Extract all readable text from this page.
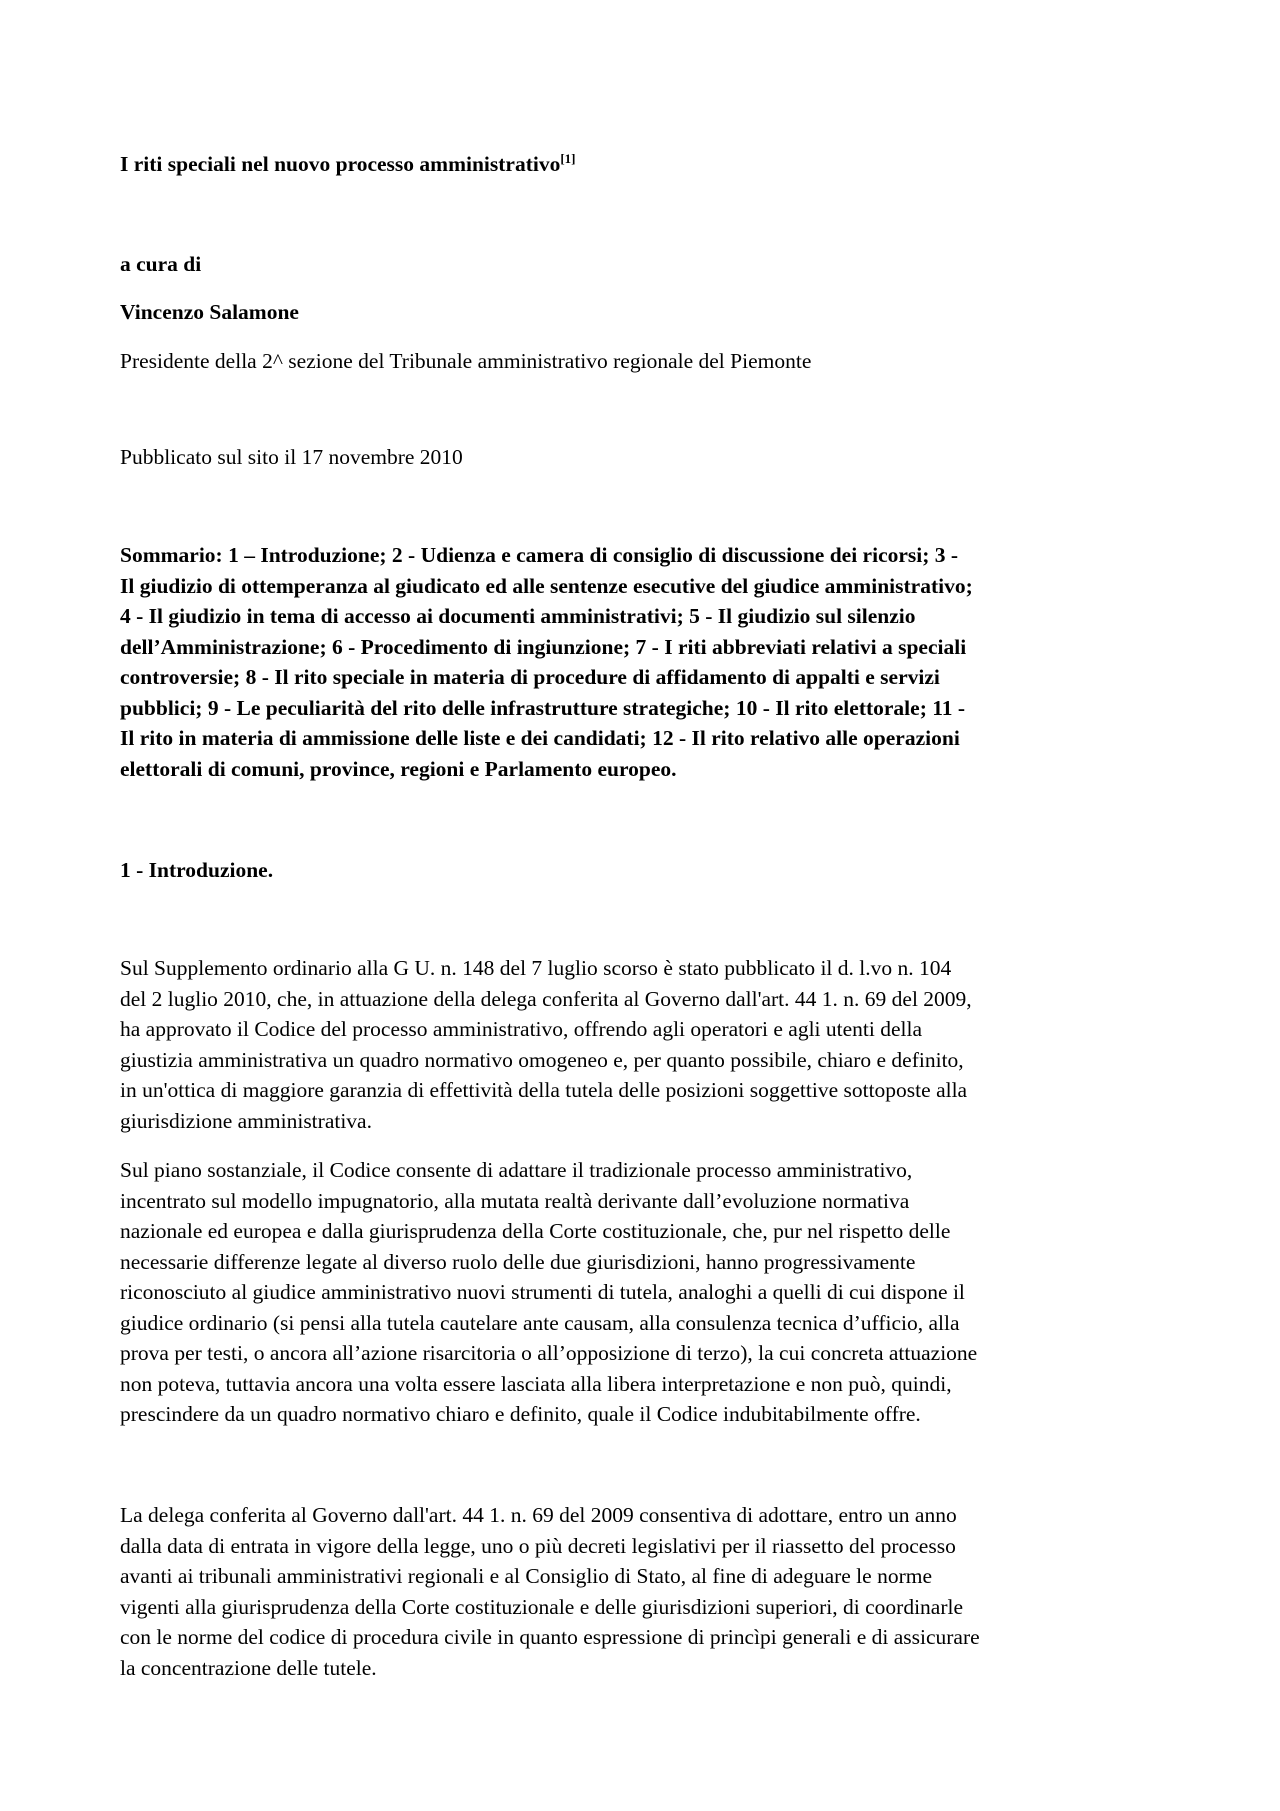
I riti speciali nel nuovo processo amministrativo[1]
a cura di
Vincenzo Salamone
Presidente della 2^ sezione del Tribunale amministrativo regionale del Piemonte
Pubblicato sul sito il 17 novembre 2010
Sommario: 1 – Introduzione; 2 - Udienza e camera di consiglio di discussione dei ricorsi; 3 -
Il giudizio di ottemperanza al giudicato ed alle sentenze esecutive del giudice amministrativo;
4 - Il giudizio in tema di accesso ai documenti amministrativi; 5 - Il giudizio sul silenzio
dell’Amministrazione; 6 - Procedimento di ingiunzione; 7 - I riti abbreviati relativi a speciali
controversie; 8 - Il rito speciale in materia di procedure di affidamento di appalti e servizi
pubblici; 9 - Le peculiarità del rito delle infrastrutture strategiche; 10 - Il rito elettorale; 11 -
Il rito in materia di ammissione delle liste e dei candidati; 12 - Il rito relativo alle operazioni
elettorali di comuni, province, regioni e Parlamento europeo.
1 - Introduzione.
Sul Supplemento ordinario alla G U. n. 148 del 7 luglio scorso è stato pubblicato il d. l.vo n. 104
del 2 luglio 2010, che, in attuazione della delega conferita al Governo dall'art. 44 1. n. 69 del 2009,
ha approvato il Codice del processo amministrativo, offrendo agli operatori e agli utenti della
giustizia amministrativa un quadro normativo omogeneo e, per quanto possibile, chiaro e definito,
in un'ottica di maggiore garanzia di effettività della tutela delle posizioni soggettive sottoposte alla
giurisdizione amministrativa.
Sul piano sostanziale, il Codice consente di adattare il tradizionale processo amministrativo,
incentrato sul modello impugnatorio, alla mutata realtà derivante dall’evoluzione normativa
nazionale ed europea e dalla giurisprudenza della Corte costituzionale, che, pur nel rispetto delle
necessarie differenze legate al diverso ruolo delle due giurisdizioni, hanno progressivamente
riconosciuto al giudice amministrativo nuovi strumenti di tutela, analoghi a quelli di cui dispone il
giudice ordinario (si pensi alla tutela cautelare ante causam, alla consulenza tecnica d’ufficio, alla
prova per testi, o ancora all’azione risarcitoria o all’opposizione di terzo), la cui concreta attuazione
non poteva, tuttavia ancora una volta essere lasciata alla libera interpretazione e non può, quindi,
prescindere da un quadro normativo chiaro e definito, quale il Codice indubitabilmente offre.
La delega conferita al Governo dall'art. 44 1. n. 69 del 2009 consentiva di adottare, entro un anno
dalla data di entrata in vigore della legge, uno o più decreti legislativi per il riassetto del processo
avanti ai tribunali amministrativi regionali e al Consiglio di Stato, al fine di adeguare le norme
vigenti alla giurisprudenza della Corte costituzionale e delle giurisdizioni superiori, di coordinarle
con le norme del codice di procedura civile in quanto espressione di princìpi generali e di assicurare
la concentrazione delle tutele.
